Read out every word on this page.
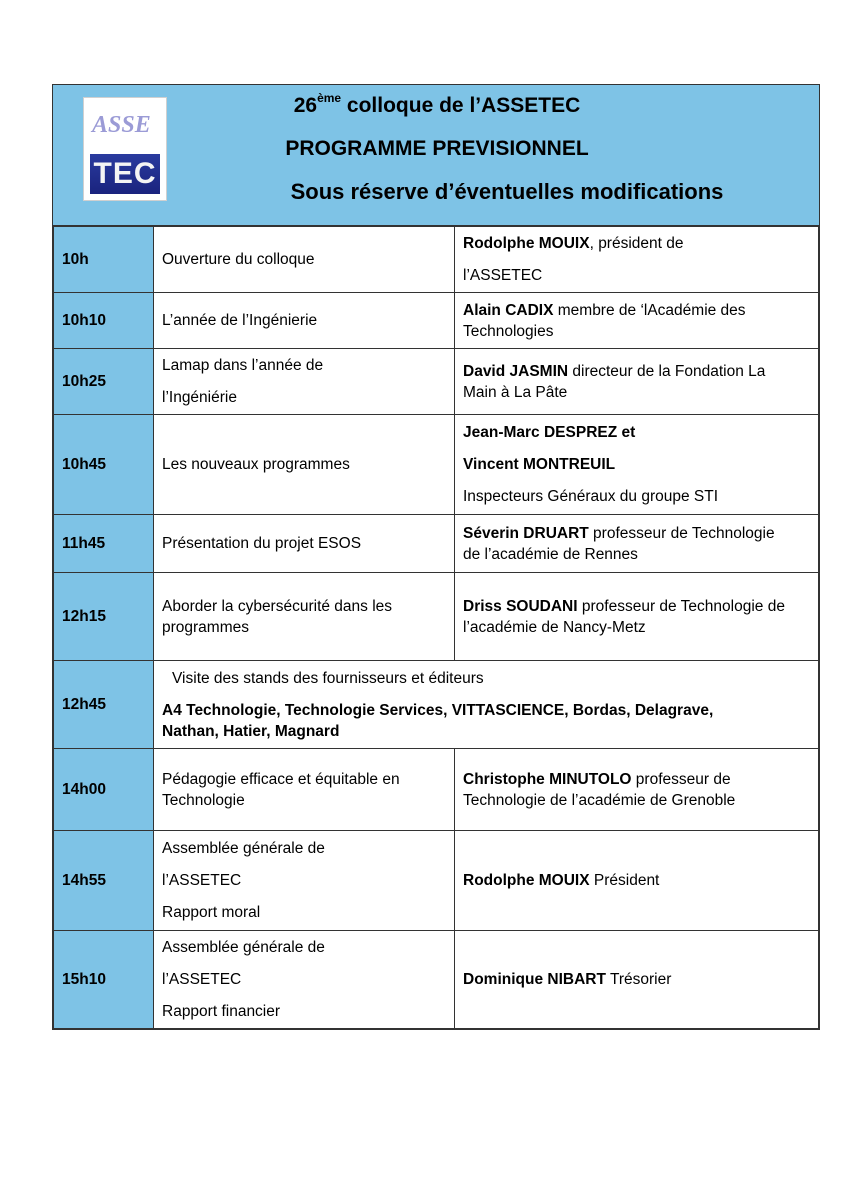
ASSE
TEC
26ème colloque de l’ASSETEC
PROGRAMME PREVISIONNEL
Sous réserve d’éventuelles modifications
10h	Ouverture du colloque	Rodolphe MOUIX, président de
l’ASSETEC

10h10	L’année de l’Ingénierie	Alain CADIX membre de ‘lAcadémie des
Technologies

10h25	Lamap dans l’année de
l’Ingéniérie	David JASMIN directeur de la Fondation La
Main à La Pâte

10h45	Les nouveaux programmes	Jean-Marc DESPREZ et
Vincent MONTREUIL
Inspecteurs Généraux du groupe STI

11h45	Présentation du projet ESOS	Séverin DRUART professeur de Technologie
de l’académie de Rennes

12h15	Aborder la cybersécurité dans les
programmes	Driss SOUDANI professeur de Technologie de
l’académie de Nancy-Metz

12h45	Visite des stands des fournisseurs et éditeurs
A4 Technologie, Technologie Services, VITTASCIENCE, Bordas, Delagrave,
Nathan, Hatier, Magnard	

14h00	Pédagogie efficace et équitable en
Technologie	Christophe MINUTOLO professeur de
Technologie de l’académie de Grenoble

14h55	Assemblée générale de
l’ASSETEC
Rapport moral	Rodolphe MOUIX Président

15h10	Assemblée générale de
l’ASSETEC
Rapport financier	Dominique NIBART Trésorier
